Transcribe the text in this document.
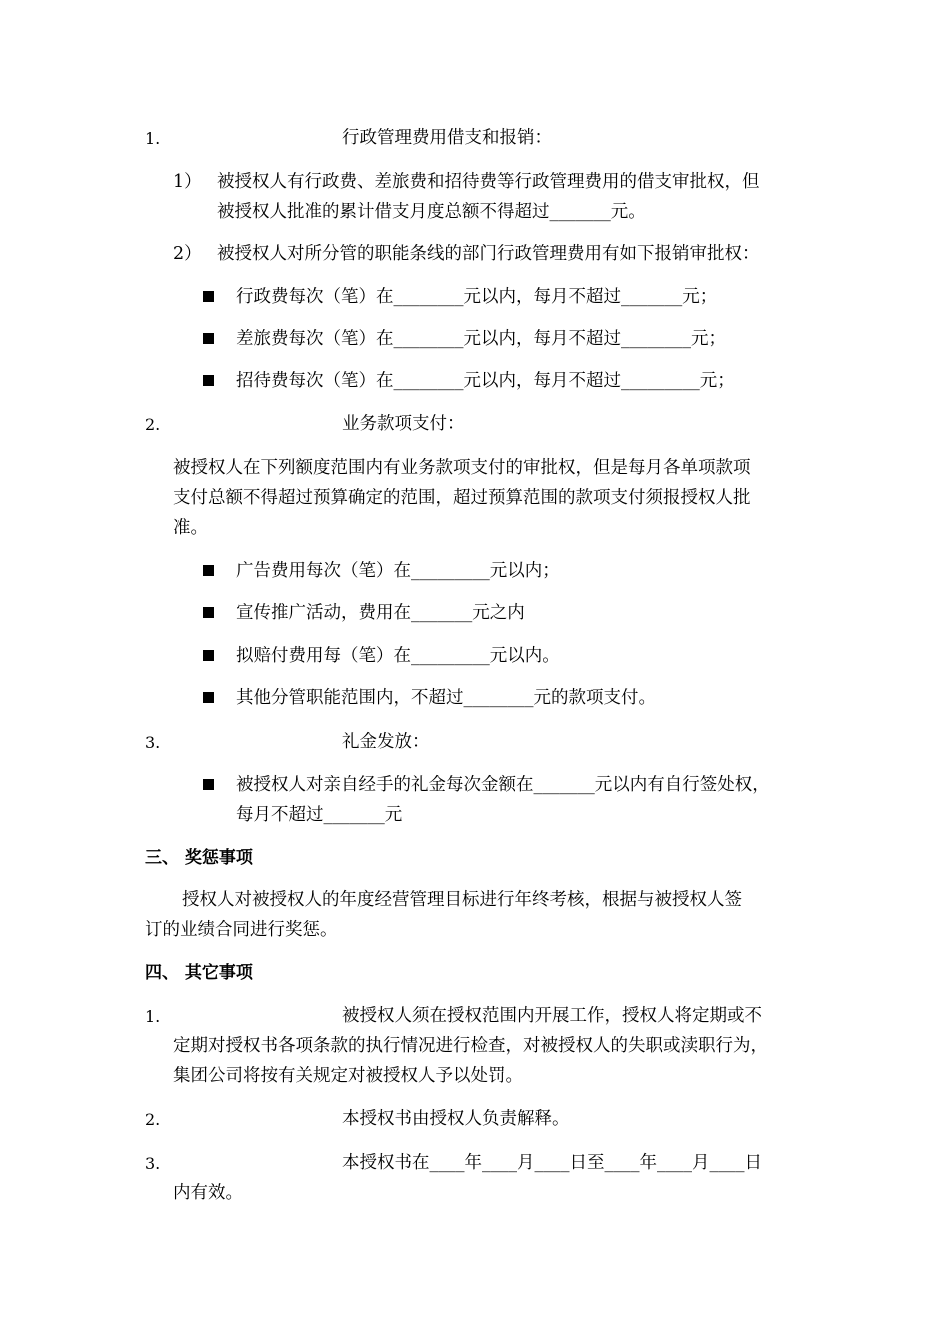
1.	行政管理费用借支和报销：
1） 被授权人有行政费、差旅费和招待费等行政管理费用的借支审批权，但
被授权人批准的累计借支月度总额不得超过_______元。
2） 被授权人对所分管的职能条线的部门行政管理费用有如下报销审批权：
行政费每次（笔）在________元以内，每月不超过_______元；
差旅费每次（笔）在________元以内，每月不超过________元；
招待费每次（笔）在________元以内，每月不超过_________元；
2.	业务款项支付：
被授权人在下列额度范围内有业务款项支付的审批权，但是每月各单项款项
支付总额不得超过预算确定的范围，超过预算范围的款项支付须报授权人批
准。
广告费用每次（笔）在_________元以内；
宣传推广活动，费用在_______元之内
拟赔付费用每（笔）在_________元以内。
其他分管职能范围内，不超过________元的款项支付。
3.	礼金发放：
被授权人对亲自经手的礼金每次金额在_______元以内有自行签处权，
每月不超过_______元
三、 奖惩事项
授权人对被授权人的年度经营管理目标进行年终考核，根据与被授权人签
订的业绩合同进行奖惩。
四、 其它事项
1.	被授权人须在授权范围内开展工作，授权人将定期或不
定期对授权书各项条款的执行情况进行检查，对被授权人的失职或渎职行为，
集团公司将按有关规定对被授权人予以处罚。
2.	本授权书由授权人负责解释。
3.	本授权书在____年____月____日至____年____月____日
内有效。
